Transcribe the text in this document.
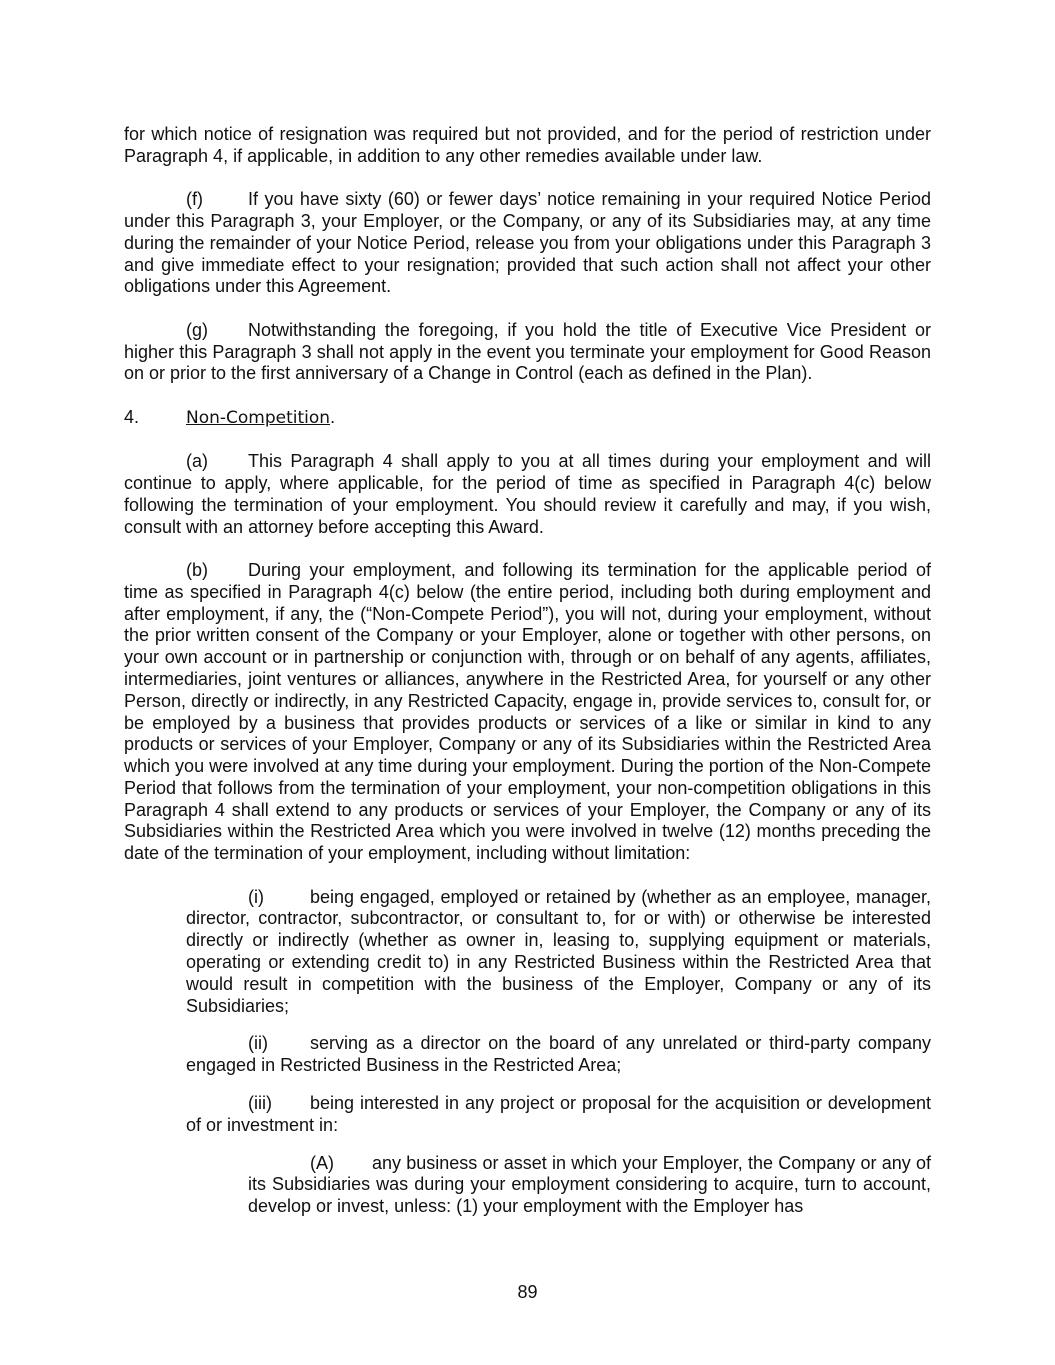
for which notice of resignation was required but not provided, and for the period of restriction under Paragraph 4, if applicable, in addition to any other remedies available under law.

(f)	If you have sixty (60) or fewer days’ notice remaining in your required Notice Period under this Paragraph 3, your Employer, or the Company, or any of its Subsidiaries may, at any time during the remainder of your Notice Period, release you from your obligations under this Paragraph 3 and give immediate effect to your resignation; provided that such action shall not affect your other obligations under this Agreement.

(g) Notwithstanding the foregoing, if you hold the title of Executive Vice President or higher this Paragraph 3 shall not apply in the event you terminate your employment for Good Reason on or prior to the first anniversary of a Change in Control (each as defined in the Plan).

4.	Non-Competition.

(a) This Paragraph 4 shall apply to you at all times during your employment and will continue to apply, where applicable, for the period of time as specified in Paragraph 4(c) below following the termination of your employment. You should review it carefully and may, if you wish, consult with an attorney before accepting this Award.

(b) During your employment, and following its termination for the applicable period of time as specified in Paragraph 4(c) below (the entire period, including both during employment and after employment, if any, the (“Non-Compete Period”), you will not, during your employment, without the prior written consent of the Company or your Employer, alone or together with other persons, on your own account or in partnership or conjunction with, through or on behalf of any agents, affiliates, intermediaries, joint ventures or alliances, anywhere in the Restricted Area, for yourself or any other Person, directly or indirectly, in any Restricted Capacity, engage in, provide services to, consult for, or be employed by a business that provides products or services of a like or similar in kind to any products or services of your Employer, Company or any of its Subsidiaries within the Restricted Area which you were involved at any time during your employment. During the portion of the Non-Compete Period that follows from the termination of your employment, your non-competition obligations in this Paragraph 4 shall extend to any products or services of your Employer, the Company or any of its Subsidiaries within the Restricted Area which you were involved in twelve (12) months preceding the date of the termination of your employment, including without limitation:

(i)	being engaged, employed or retained by (whether as an employee, manager, director, contractor, subcontractor, or consultant to, for or with) or otherwise be interested directly or indirectly (whether as owner in, leasing to, supplying equipment or materials, operating or extending credit to) in any Restricted Business within the Restricted Area that would result in competition with the business of the Employer, Company or any of its Subsidiaries;

(ii) serving as a director on the board of any unrelated or third-party company engaged in Restricted Business in the Restricted Area;

(iii) being interested in any project or proposal for the acquisition or development of or investment in:

(A) any business or asset in which your Employer, the Company or any of its Subsidiaries was during your employment considering to acquire, turn to account, develop or invest, unless: (1) your employment with the Employer has

89
